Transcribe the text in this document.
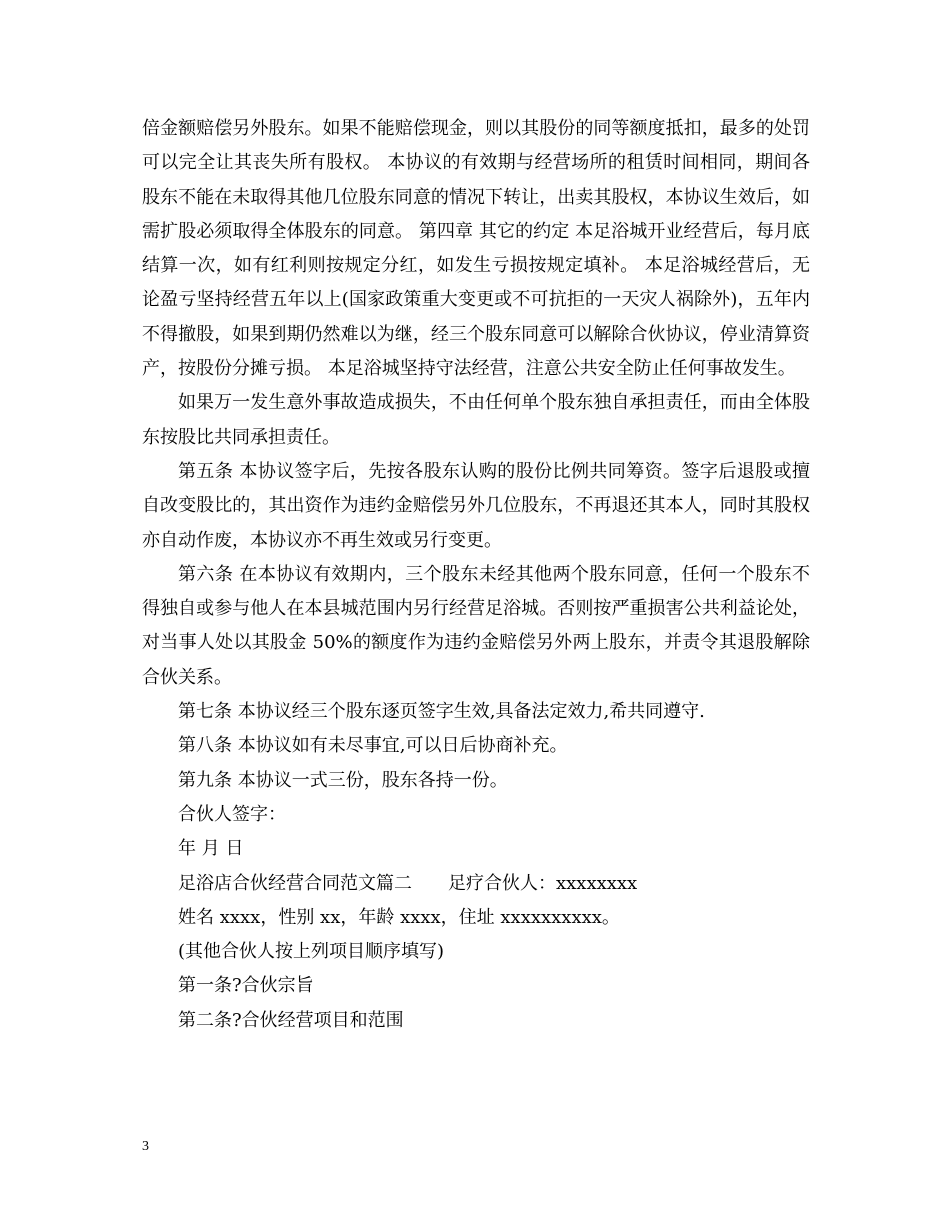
倍金额赔偿另外股东。如果不能赔偿现金，则以其股份的同等额度抵扣，最多的处罚可以完全让其丧失所有股权。 本协议的有效期与经营场所的租赁时间相同，期间各股东不能在未取得其他几位股东同意的情况下转让，出卖其股权，本协议生效后，如需扩股必须取得全体股东的同意。 第四章 其它的约定 本足浴城开业经营后，每月底结算一次，如有红利则按规定分红，如发生亏损按规定填补。 本足浴城经营后，无论盈亏坚持经营五年以上(国家政策重大变更或不可抗拒的一天灾人祸除外)，五年内不得撤股，如果到期仍然难以为继，经三个股东同意可以解除合伙协议，停业清算资产，按股份分摊亏损。 本足浴城坚持守法经营，注意公共安全防止任何事故发生。

如果万一发生意外事故造成损失，不由任何单个股东独自承担责任，而由全体股东按股比共同承担责任。

第五条 本协议签字后，先按各股东认购的股份比例共同筹资。签字后退股或擅自改变股比的，其出资作为违约金赔偿另外几位股东，不再退还其本人，同时其股权亦自动作废，本协议亦不再生效或另行变更。

第六条 在本协议有效期内，三个股东未经其他两个股东同意，任何一个股东不得独自或参与他人在本县城范围内另行经营足浴城。否则按严重损害公共利益论处，对当事人处以其股金 50%的额度作为违约金赔偿另外两上股东，并责令其退股解除合伙关系。

第七条 本协议经三个股东逐页签字生效,具备法定效力,希共同遵守.

第八条 本协议如有未尽事宜,可以日后协商补充。

第九条 本协议一式三份，股东各持一份。

合伙人签字：

年 月 日

足浴店合伙经营合同范文篇二　　足疗合伙人：xxxxxxxx

姓名 xxxx，性别 xx，年龄 xxxx，住址 xxxxxxxxxx。

(其他合伙人按上列项目顺序填写)

第一条?合伙宗旨

第二条?合伙经营项目和范围

3
